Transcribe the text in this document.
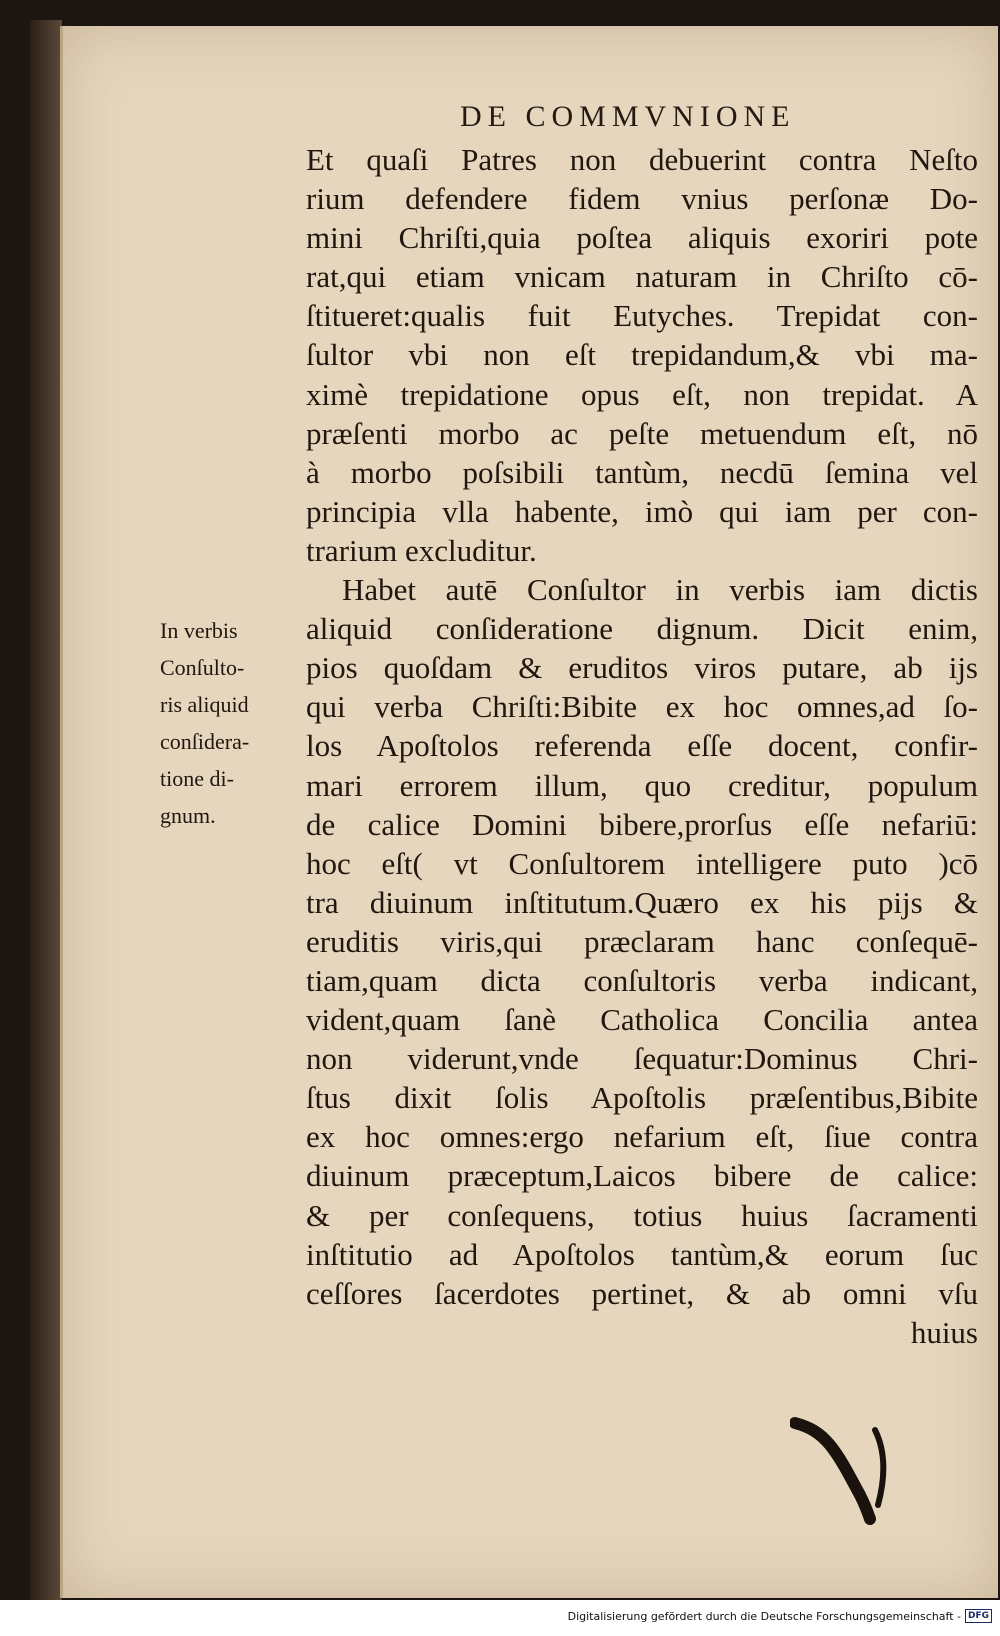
DE COMMVNIONE
Et quaſi Patres non debuerint contra Neſto
rium defendere fidem vnius perſonæ Do-
mini Chriſti,quia poſtea aliquis exoriri pote
rat,qui etiam vnicam naturam in Chriſto cō-
ſtitueret:qualis fuit Eutyches. Trepidat con-
ſultor vbi non eſt trepidandum,& vbi ma-
ximè trepidatione opus eſt, non trepidat. A
præſenti morbo ac peſte metuendum eſt, nō
à morbo poſsibili tantùm, necdū ſemina vel
principia vlla habente, imò qui iam per con-
trarium excluditur.
Habet autē Conſultor in verbis iam dictis
aliquid conſideratione dignum. Dicit enim,
pios quoſdam & eruditos viros putare, ab ijs
qui verba Chriſti:Bibite ex hoc omnes,ad ſo-
los Apoſtolos referenda eſſe docent, confir-
mari errorem illum, quo creditur, populum
de calice Domini bibere,prorſus eſſe nefariū:
hoc eſt( vt Conſultorem intelligere puto )cō
tra diuinum inſtitutum.Quæro ex his pijs &
eruditis viris,qui præclaram hanc conſequē-
tiam,quam dicta conſultoris verba indicant,
vident,quam ſanè Catholica Concilia antea
non viderunt,vnde ſequatur:Dominus Chri-
ſtus dixit ſolis Apoſtolis præſentibus,Bibite
ex hoc omnes:ergo nefarium eſt, ſiue contra
diuinum præceptum,Laicos bibere de calice:
& per conſequens, totius huius ſacramenti
inſtitutio ad Apoſtolos tantùm,& eorum ſuc
ceſſores ſacerdotes pertinet, & ab omni vſu
huius
In verbis
Conſulto-
ris aliquid
conſidera-
tione di-
gnum.
Digitalisierung gefördert durch die Deutsche Forschungsgemeinschaft - DFG
